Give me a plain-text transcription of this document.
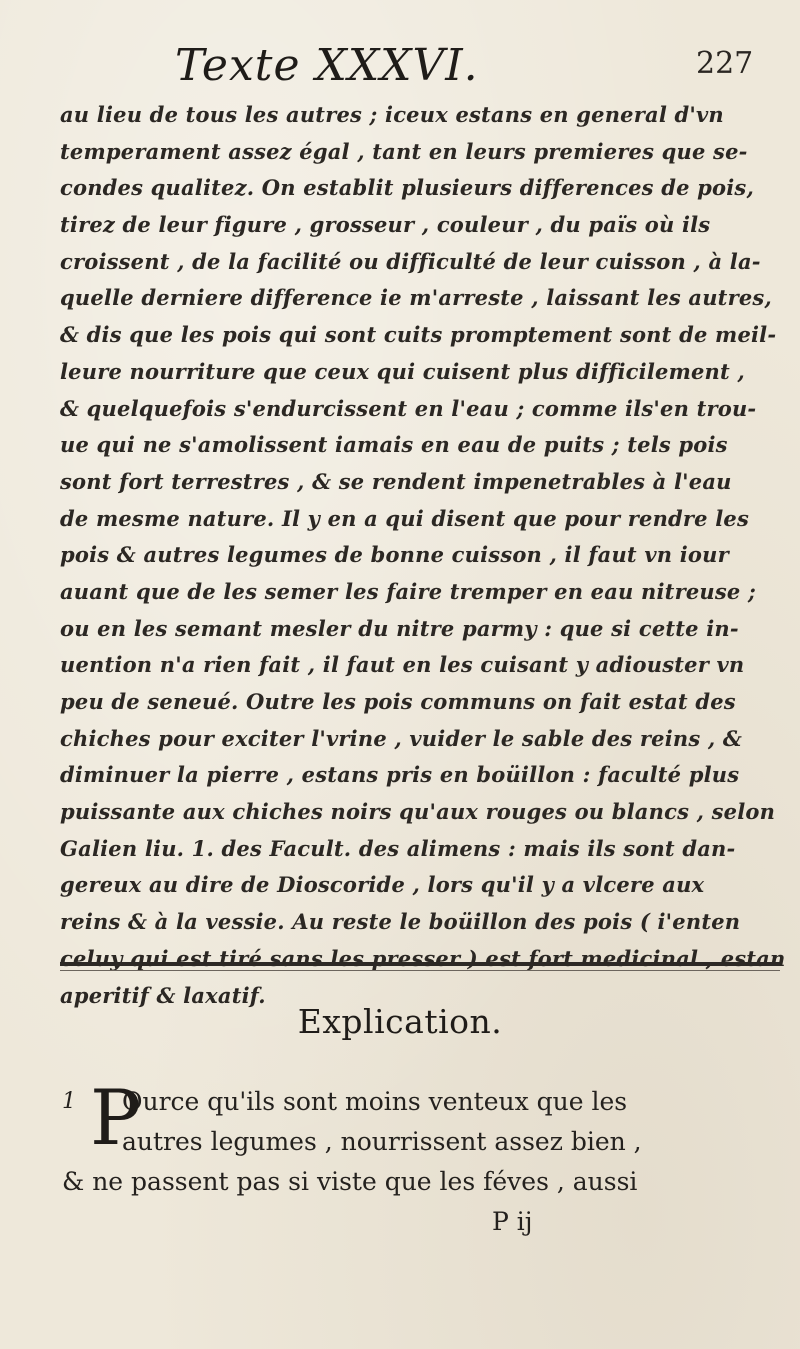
Texte XXXVI.	227
au lieu de tous les autres ; iceux estans en general d'vn
temperament assez égal , tant en leurs premieres que se-
condes qualitez. On establit plusieurs differences de pois,
tirez de leur figure , grosseur , couleur , du païs où ils
croissent , de la facilité ou difficulté de leur cuisson , à la-
quelle derniere difference ie m'arreste , laissant les autres,
& dis que les pois qui sont cuits promptement sont de meil-
leure nourriture que ceux qui cuisent plus difficilement ,
& quelquefois s'endurcissent en l'eau ; comme ils'en trou-
ue qui ne s'amolissent iamais en eau de puits ; tels pois
sont fort terrestres , & se rendent impenetrables à l'eau
de mesme nature. Il y en a qui disent que pour rendre les
pois & autres legumes de bonne cuisson , il faut vn iour
auant que de les semer les faire tremper en eau nitreuse ;
ou en les semant mesler du nitre parmy : que si cette in-
uention n'a rien fait , il faut en les cuisant y adiouster vn
peu de seneué. Outre les pois communs on fait estat des
chiches pour exciter l'vrine , vuider le sable des reins , &
diminuer la pierre , estans pris en boüillon : faculté plus
puissante aux chiches noirs qu'aux rouges ou blancs , selon
Galien liu. 1. des Facult. des alimens : mais ils sont dan-
gereux au dire de Dioscoride , lors qu'il y a vlcere aux
reins & à la vessie. Au reste le boüillon des pois ( i'enten
celuy qui est tiré sans les presser ) est fort medicinal , estan
aperitif & laxatif.
Explication.
1 P
Ource qu'ils sont moins venteux que les
autres legumes , nourrissent assez bien ,
& ne passent pas si viste que les féves , aussi
P ij
